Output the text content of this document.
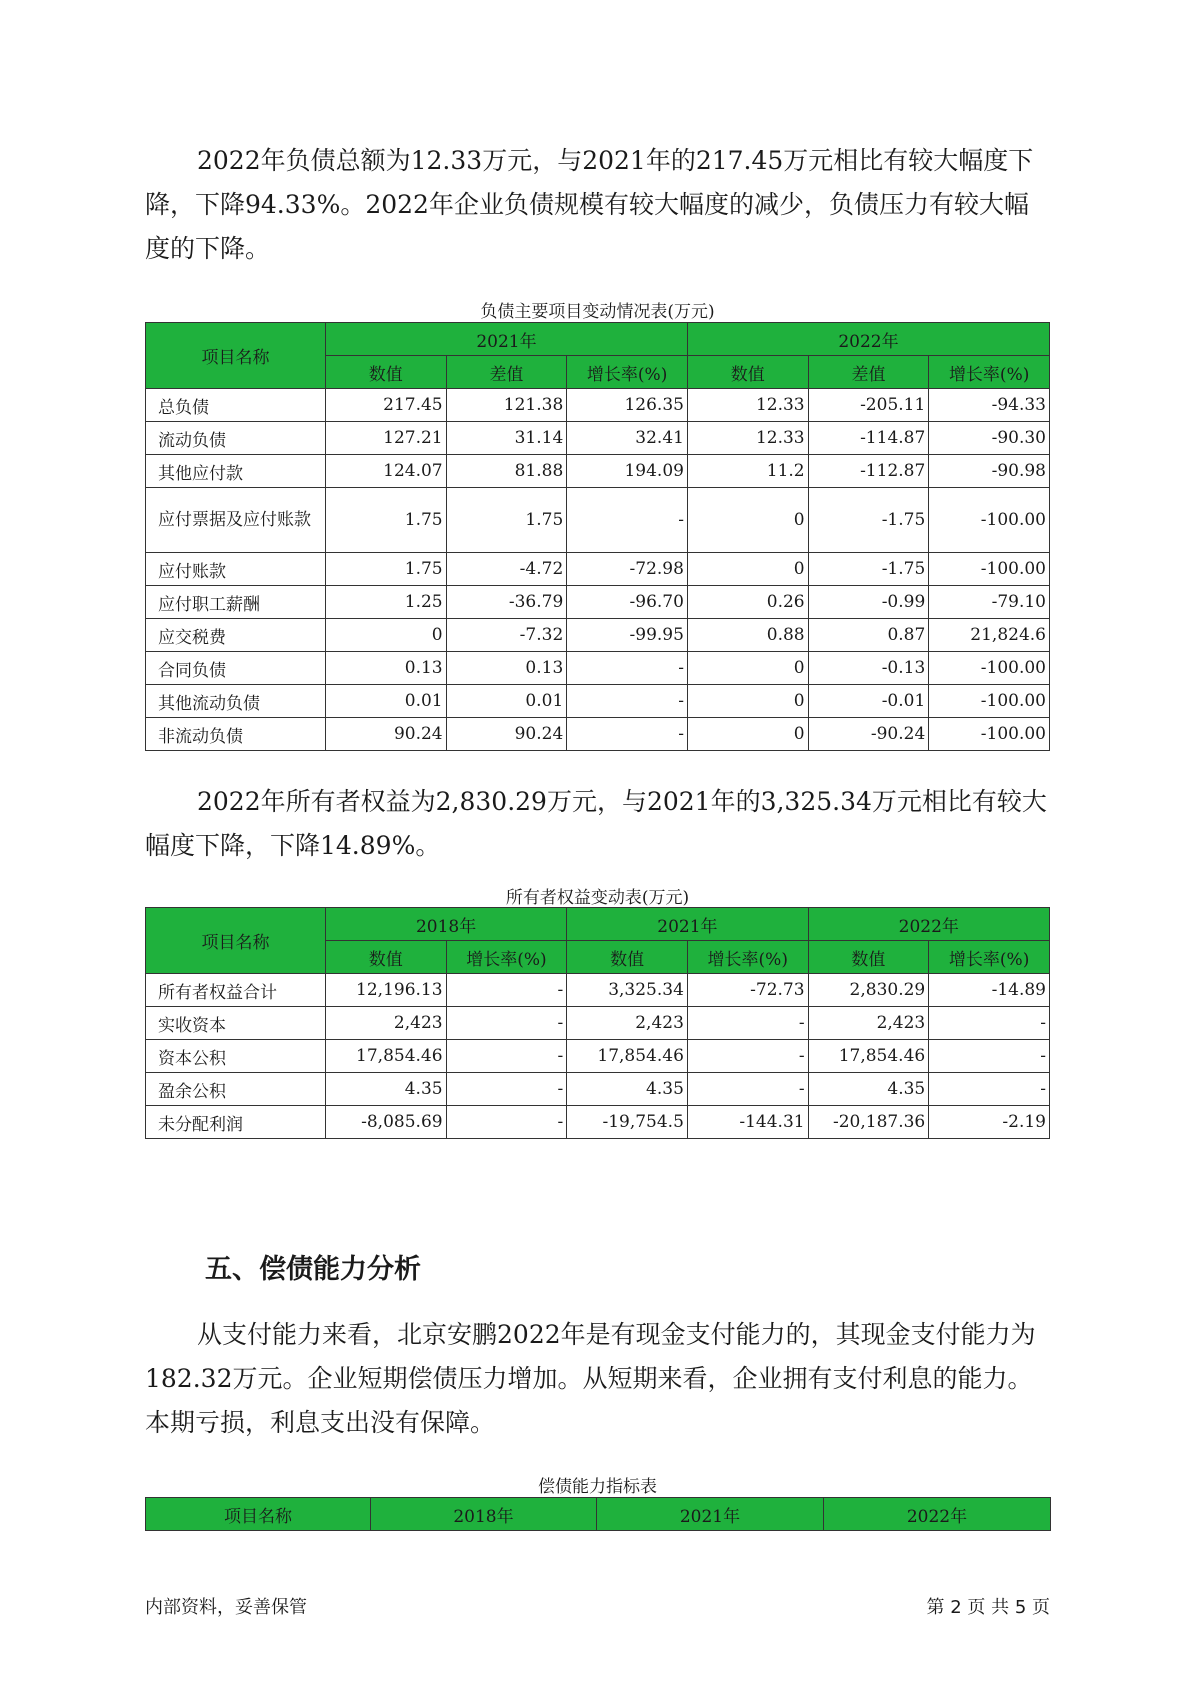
2022年负债总额为12.33万元，与2021年的217.45万元相比有较大幅度下降，下降94.33%。2022年企业负债规模有较大幅度的减少，负债压力有较大幅度的下降。

负债主要项目变动情况表(万元)
项目名称	2021年			2022年		
	数值	差值	增长率(%)	数值	差值	增长率(%)
总负债	217.45	121.38	126.35	12.33	-205.11	-94.33
流动负债	127.21	31.14	32.41	12.33	-114.87	-90.30
其他应付款	124.07	81.88	194.09	11.2	-112.87	-90.98
应付票据及应付账款	1.75	1.75	-	0	-1.75	-100.00
应付账款	1.75	-4.72	-72.98	0	-1.75	-100.00
应付职工薪酬	1.25	-36.79	-96.70	0.26	-0.99	-79.10
应交税费	0	-7.32	-99.95	0.88	0.87	21,824.6
合同负债	0.13	0.13	-	0	-0.13	-100.00
其他流动负债	0.01	0.01	-	0	-0.01	-100.00
非流动负债	90.24	90.24	-	0	-90.24	-100.00

2022年所有者权益为2,830.29万元，与2021年的3,325.34万元相比有较大幅度下降，下降14.89%。

所有者权益变动表(万元)
项目名称	2018年		2021年		2022年	
	数值	增长率(%)	数值	增长率(%)	数值	增长率(%)
所有者权益合计	12,196.13	-	3,325.34	-72.73	2,830.29	-14.89
实收资本	2,423	-	2,423	-	2,423	-
资本公积	17,854.46	-	17,854.46	-	17,854.46	-
盈余公积	4.35	-	4.35	-	4.35	-
未分配利润	-8,085.69	-	-19,754.5	-144.31	-20,187.36	-2.19
五、偿债能力分析

从支付能力来看，北京安鹏2022年是有现金支付能力的，其现金支付能力为182.32万元。企业短期偿债压力增加。从短期来看，企业拥有支付利息的能力。本期亏损，利息支出没有保障。

偿债能力指标表
项目名称	2018年	2021年	2022年
内部资料，妥善保管	第 2 页 共 5 页
